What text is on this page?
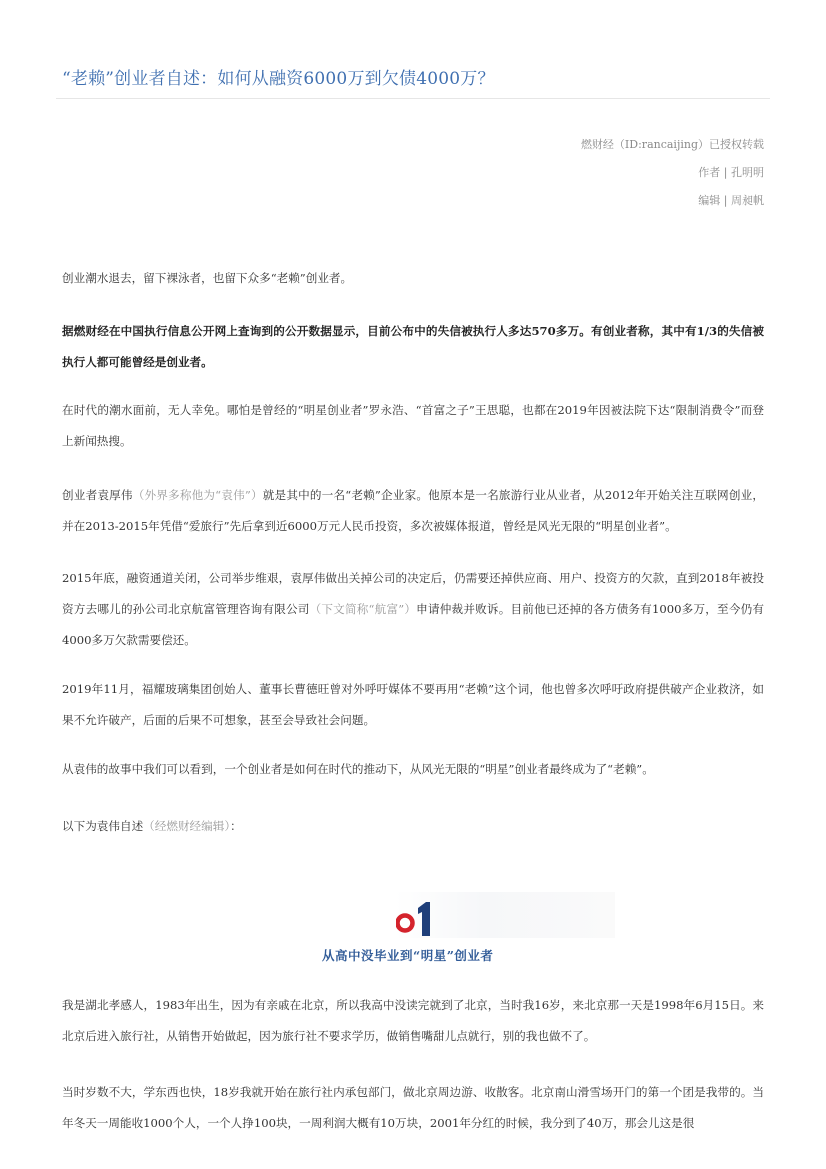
“老赖”创业者自述：如何从融资6000万到欠债4000万？
燃财经（ID:rancaijing）已授权转载
作者 | 孔明明
编辑 | 周昶帆

创业潮水退去，留下裸泳者，也留下众多“老赖”创业者。

据燃财经在中国执行信息公开网上查询到的公开数据显示，目前公布中的失信被执行人多达570多万。有创业者称，其中有1/3的失信被执行人都可能曾经是创业者。

在时代的潮水面前，无人幸免。哪怕是曾经的“明星创业者”罗永浩、“首富之子”王思聪，也都在2019年因被法院下达“限制消费令”而登上新闻热搜。

创业者袁厚伟（外界多称他为“袁伟”）就是其中的一名“老赖”企业家。他原本是一名旅游行业从业者，从2012年开始关注互联网创业，并在2013-2015年凭借“爱旅行”先后拿到近6000万元人民币投资，多次被媒体报道，曾经是风光无限的“明星创业者”。

2015年底，融资通道关闭，公司举步维艰，袁厚伟做出关掉公司的决定后，仍需要还掉供应商、用户、投资方的欠款，直到2018年被投资方去哪儿的孙公司北京航富管理咨询有限公司（下文简称“航富”）申请仲裁并败诉。目前他已还掉的各方债务有1000多万，至今仍有4000多万欠款需要偿还。

2019年11月，福耀玻璃集团创始人、董事长曹德旺曾对外呼吁媒体不要再用“老赖”这个词，他也曾多次呼吁政府提供破产企业救济，如果不允许破产，后面的后果不可想象，甚至会导致社会问题。

从袁伟的故事中我们可以看到，一个创业者是如何在时代的推动下，从风光无限的“明星”创业者最终成为了“老赖”。

以下为袁伟自述（经燃财经编辑）：

从高中没毕业到“明星”创业者

我是湖北孝感人，1983年出生，因为有亲戚在北京，所以我高中没读完就到了北京，当时我16岁，来北京那一天是1998年6月15日。来北京后进入旅行社，从销售开始做起，因为旅行社不要求学历，做销售嘴甜儿点就行，别的我也做不了。

当时岁数不大，学东西也快，18岁我就开始在旅行社内承包部门，做北京周边游、收散客。北京南山滑雪场开门的第一个团是我带的。当年冬天一周能收1000个人，一个人挣100块，一周利润大概有10万块，2001年分红的时候，我分到了40万，那会儿这是很
